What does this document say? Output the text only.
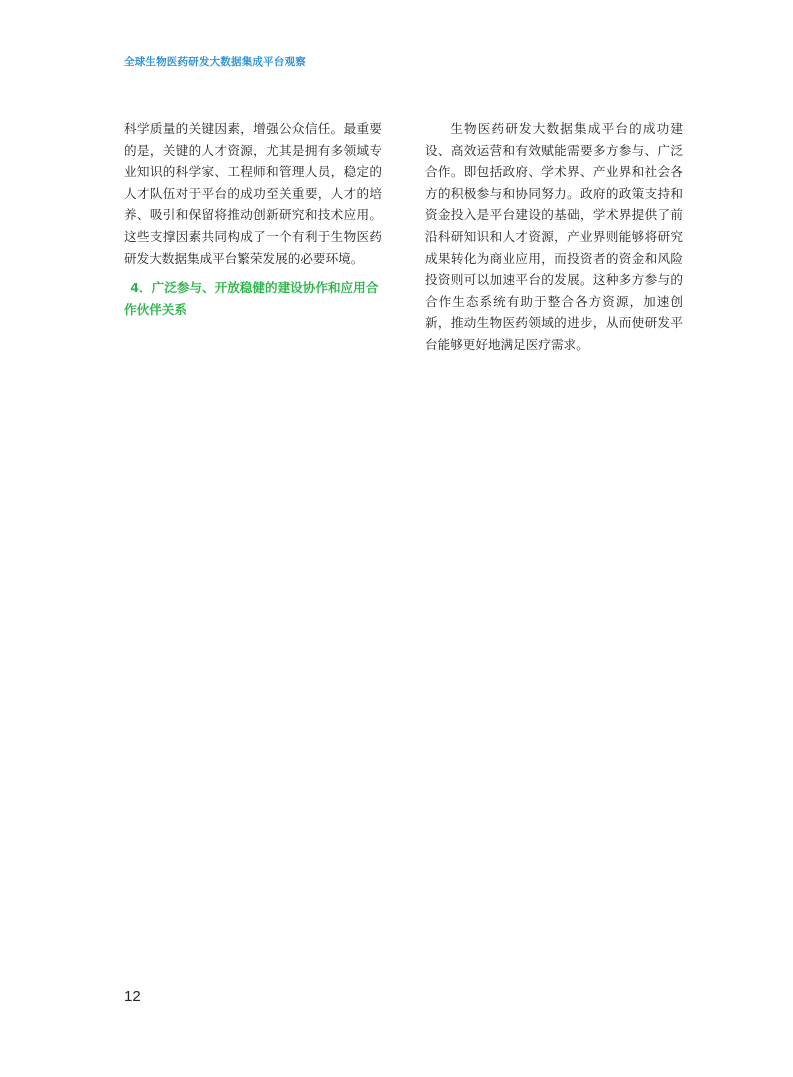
全球生物医药研发大数据集成平台观察

科学质量的关键因素，增强公众信任。最重要的是，关键的人才资源，尤其是拥有多领域专业知识的科学家、工程师和管理人员，稳定的人才队伍对于平台的成功至关重要，人才的培养、吸引和保留将推动创新研究和技术应用。这些支撑因素共同构成了一个有利于生物医药研发大数据集成平台繁荣发展的必要环境。

4．广泛参与、开放稳健的建设协作和应用合作伙伴关系

生物医药研发大数据集成平台的成功建设、高效运营和有效赋能需要多方参与、广泛合作。即包括政府、学术界、产业界和社会各方的积极参与和协同努力。政府的政策支持和资金投入是平台建设的基础，学术界提供了前沿科研知识和人才资源，产业界则能够将研究成果转化为商业应用，而投资者的资金和风险投资则可以加速平台的发展。这种多方参与的合作生态系统有助于整合各方资源，加速创新，推动生物医药领域的进步，从而使研发平台能够更好地满足医疗需求。

12
